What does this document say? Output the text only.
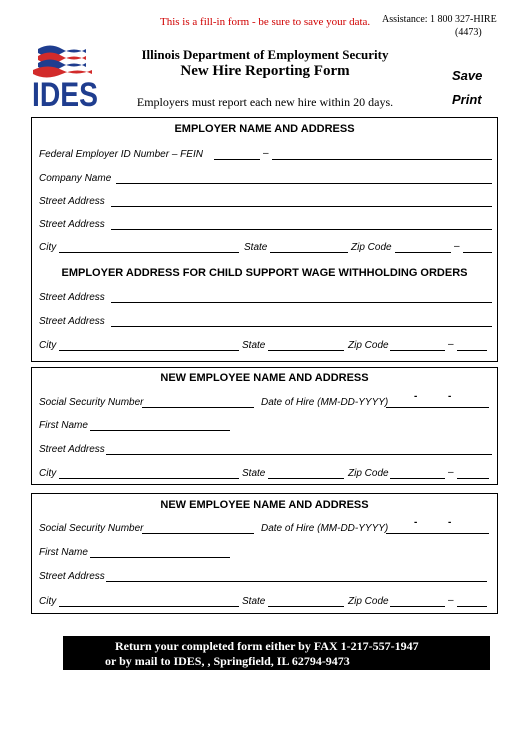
This is a fill-in form - be sure to save your data. Assistance: 1 800 327-HIRE
(4473)
IDES
Illinois Department of Employment Security
New Hire Reporting Form
Employers must report each new hire within 20 days.
Save
Print
EMPLOYER NAME AND ADDRESS
Federal Employer ID Number – FEIN	–
Company Name
Street Address
Street Address
City	State	Zip Code	–
EMPLOYER ADDRESS FOR CHILD SUPPORT WAGE WITHHOLDING ORDERS
Street Address
Street Address
City	State	Zip Code	–
NEW EMPLOYEE NAME AND ADDRESS
Social Security Number	Date of Hire (MM-DD-YYYY)
-	-
First Name
Street Address
City	State	Zip Code	–
NEW EMPLOYEE NAME AND ADDRESS
Social Security Number	Date of Hire (MM-DD-YYYY)
-	-
First Name
Street Address
City	State	Zip Code	–
Return your completed form either by FAX 1-217-557-1947
or by mail to IDES, , Springfield, IL 62794-9473
